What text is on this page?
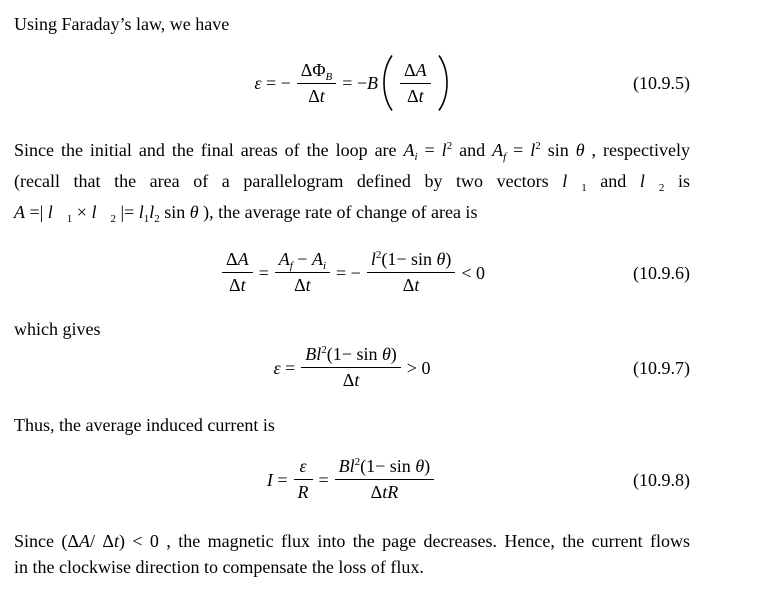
Using Faraday’s law, we have

ε = − $\frac{\Delta\Phi_B}{\Delta t} = -B \frac{\Delta A}{\Delta t}$	(10.9.5)
Since the initial and the final areas of the loop are $A_i = l^2$ and $A_f = l^2$ sin θ , respectively
(recall that the area of a parallelogram defined by two vectors $l⃗_1$ and $l⃗_2$ is
A =| $l⃗_1$ × $l⃗_2$ |= $l_1l_2$ sin θ ), the average rate of change of area is
$\frac{\Delta A}{\Delta t} = \frac{A_f - A_i}{\Delta t}$ = − $\frac{l^2(1- \sin \theta)}{\Delta t} < 0$	(10.9.6)

which gives

$\varepsilon = \frac{Bl^2(1- \sin \theta)}{\Delta t} > 0$	(10.9.7)

Thus, the average induced current is

$I = \frac{\varepsilon}{R} = \frac{Bl^2(1- \sin \theta)}{\text{ΔtR}}$	(10.9.8)
Since (ΔA/ Δt) < 0 , the magnetic flux into the page decreases. Hence, the current flows
in the clockwise direction to compensate the loss of flux.
